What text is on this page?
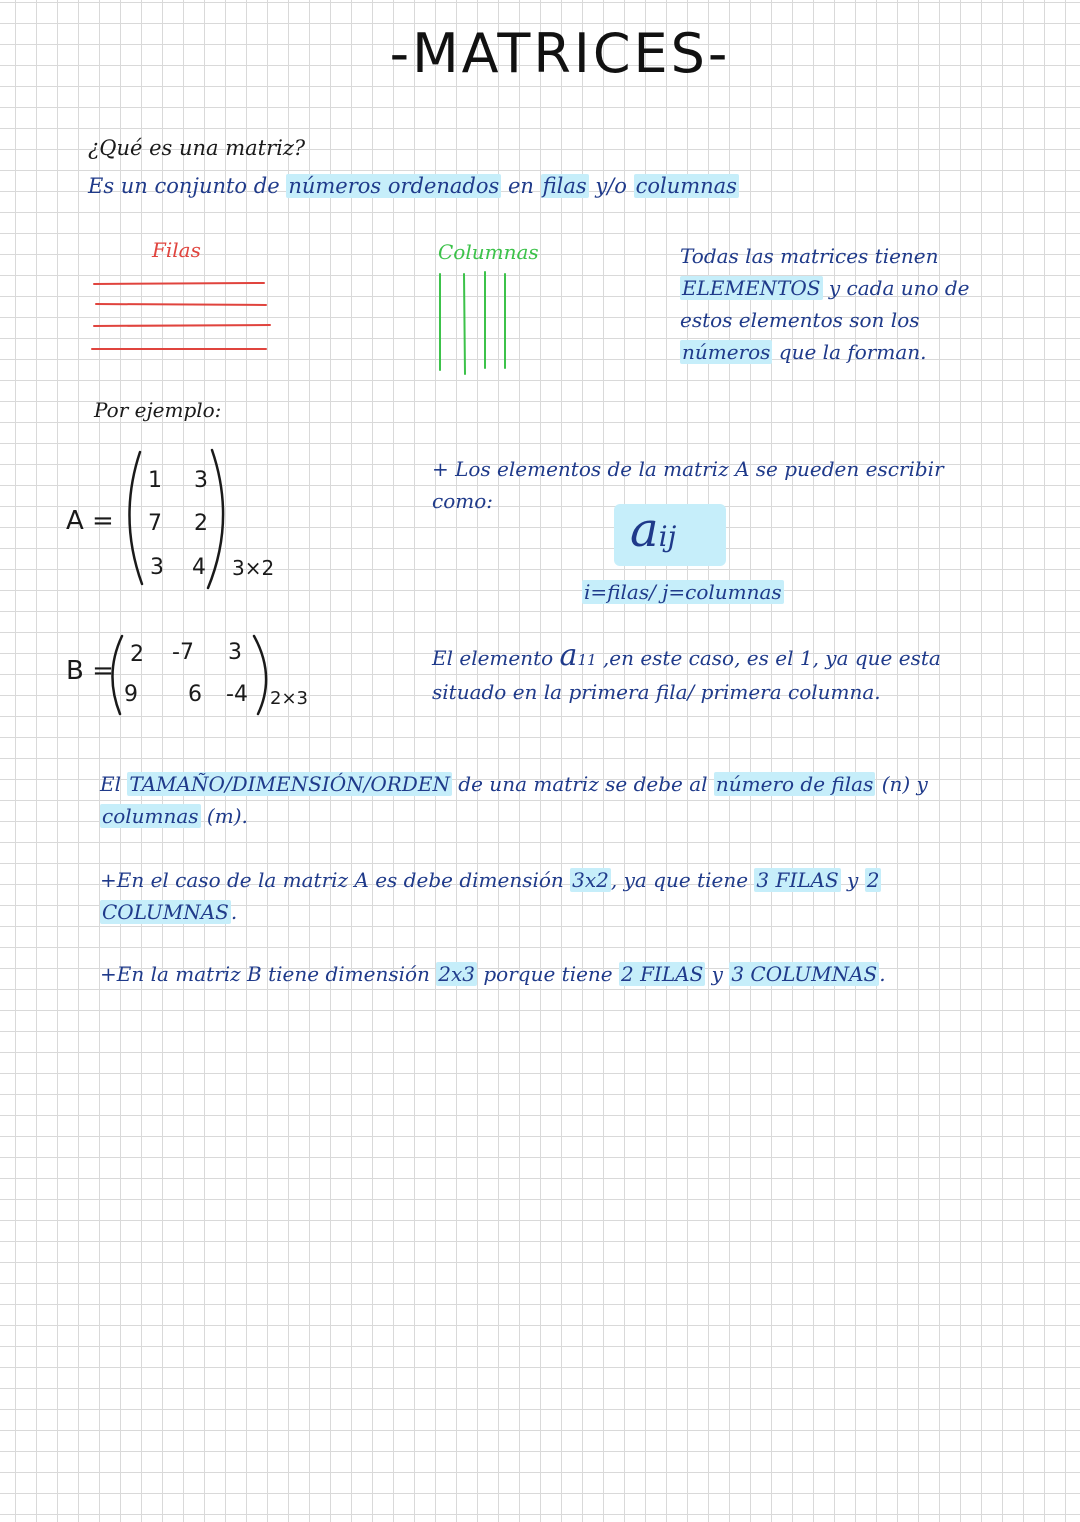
-MATRICES-
¿Qué es una matriz?
Es un conjunto de números ordenados en filas y/o columnas
Filas	Columnas	Todas las matrices tienen
ELEMENTOS y cada uno de
estos elementos son los
números que la forman.
Por ejemplo:
A =
1 3
7 2
3 4 3×2
B =
2 -7 3
9 6 -4 2×3
+ Los elementos de la matriz A se pueden escribir
como:
aij
i=filas/ j=columnas
El elemento a11 ,en este caso, es el 1, ya que esta
situado en la primera fila/ primera columna.
El TAMAÑO/DIMENSIÓN/ORDEN de una matriz se debe al número de filas (n) y
columnas (m).
+En el caso de la matriz A es debe dimensión 3x2 , ya que tiene 3 FILAS y 2
COLUMNAS .
+En la matriz B tiene dimensión 2x3 porque tiene 2 FILAS y 3 COLUMNAS .
